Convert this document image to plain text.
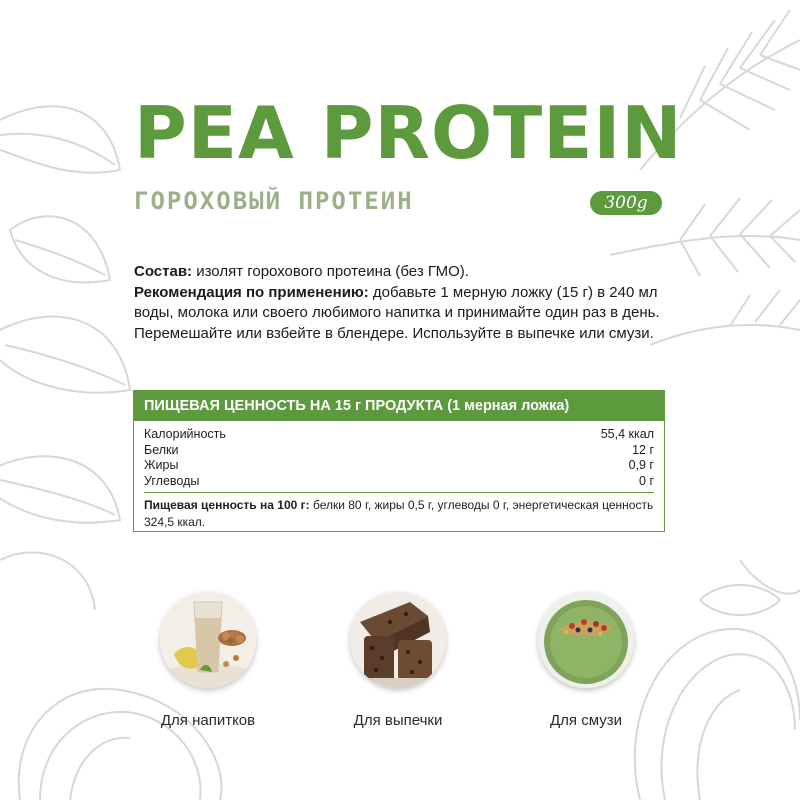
PEA PROTEIN
ГОРОХОВЫЙ ПРОТЕИН	300g
Состав: изолят горохового протеина (без ГМО).
Рекомендация по применению: добавьте 1 мерную ложку (15 г) в 240 мл воды, молока или своего любимого напитка и принимайте один раз в день. Перемешайте или взбейте в блендере. Используйте в выпечке или смузи.
ПИЩЕВАЯ ЦЕННОСТЬ НА 15 г ПРОДУКТА (1 мерная ложка)
Калорийность	55,4 ккал
Белки	12 г
Жиры	0,9 г
Углеводы	0 г
Пищевая ценность на 100 г: белки 80 г, жиры 0,5 г, углеводы 0 г, энергетическая ценность 324,5 ккал.
Для напитков	Для выпечки	Для смузи
